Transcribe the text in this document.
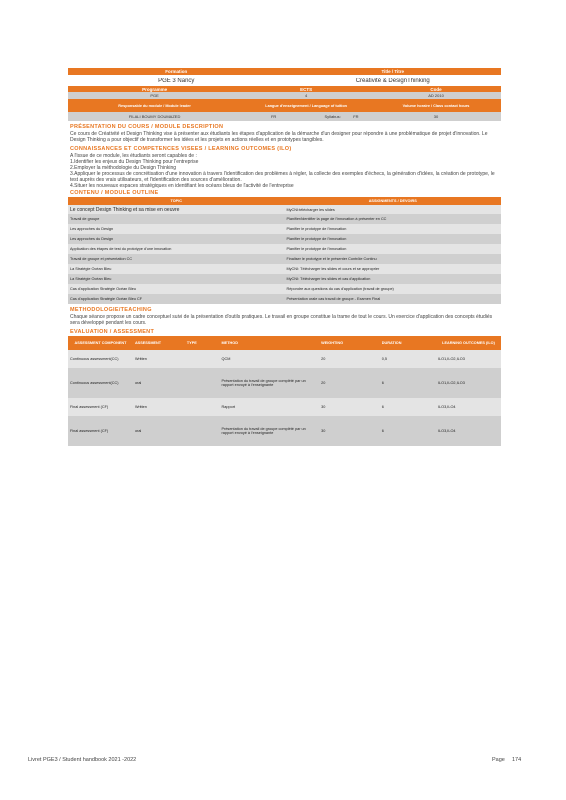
Formation	Title / Titre
PGE 3 Nancy	Créativité & DesignThinking
Programme	ECTS	Code
PGE	4	AD 2010
Responsable du module / Module leader	Langue d'enseignement / Language of tuition	Volume horaire / Class contact hours
FILALI BOUMY DOUMAZED	FR	Syllabus:	FR	30
PRÉSENTATION DU COURS / MODULE DESCRIPTION
Ce cours de Créativité et Design Thinking vise à présenter aux étudiants les étapes d'application de la démarche d'un designer pour répondre à une problématique de projet d'innovation. Le Design Thinking a pour objectif de transformer les idées et les projets en actions réelles et en prototypes tangibles.
CONNAISSANCES ET COMPETENCES VISEES / LEARNING OUTCOMES (ILO)
A l'issue de ce module, les étudiants seront capables de :
1.Identifier les enjeux du Design Thinking pour l'entreprise
2.Employer la méthodologie du Design Thinking
3.Appliquer le processus de concrétisation d'une innovation à travers l'identification des problèmes à régler, la collecte des exemples d'échecs, la génération d'idées, la création de prototype, le test auprès des vrais utilisateurs, et l'identification des sources d'amélioration.
4.Situer les nouveaux espaces stratégiques en identifiant les océans bleus de l'activité de l'entreprise
CONTENU / MODULE OUTLINE
TOPIC	ASSIGNMENTS / DEVOIRS
Le concept Design Thinking et sa mise en oeuvre	MyCNI:télécharger les slides
Travail de groupe	Planifier/identifier la page de l'innovation à présenter en CC
Les approches du Design	Planifier le prototype de l'innovation
Les approches du Design	Planifier le prototype de l'innovation
Application des étapes de test du prototype d'une innovation	Planifier le prototype de l'innovation
Travail de groupe et présentation CC	Finaliser le prototype et le présenter Contrôle Continu
La Stratégie Océan Bleu	MyCNI: Télécharger les slides et cours et se approprier
La Stratégie Océan Bleu	MyCNI: Télécharger les slides et cas d'application
Cas d'application Stratégie Océan Bleu	Répondre aux questions du cas d'application (travail de groupe)
Cas d'application Stratégie Océan Bleu CF	Présentation orale cas travail de groupe - Examen Final
METHODOLOGIE/TEACHING
Chaque séance propose un cadre conceptuel suivi de la présentation d'outils pratiques. Le travail en groupe constitue la trame de tout le cours. Un exercice d'application des concepts étudiés sera développé pendant les cours.
EVALUATION / ASSESSMENT
ASSESSMENT COMPONENT	ASSESSMENT	TYPE	METHOD	WEIGHTING	DURATION	LEARNING OUTCOMES (ILO)
Continuous assessment(CC)	Written		QCM	20	0,5	ILO1,ILO2,ILO3
Continuous assessment(CC)	oral		Présentation du travail de groupe complété par un rapport envoyé à l'enseignante	20	6	ILO1,ILO2,ILO3
Final assessment (CF)	Written		Rapport	30	6	ILO3,ILO4
Final assessment (CF)	oral		Présentation du travail de groupe complété par un rapport envoyé à l'enseignante	30	6	ILO3,ILO4
Livret PGE3 / Student handbook 2021 -2022	Page 174
